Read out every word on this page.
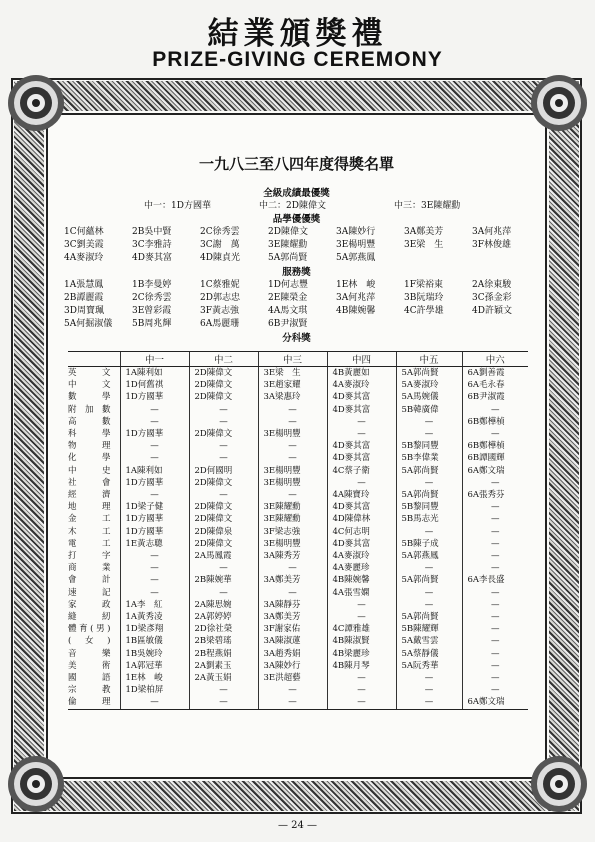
結業頒獎禮
PRIZE-GIVING CEREMONY
一九八三至八四年度得獎名單
全級成績最優獎
中一：1D方國華	中二：2D陳偉文	中三：3E陳耀勳
品學優優獎
1C何蘊林	2B吳中賢	2C徐秀雲	2D陳偉文	3A陳妙行	3A鄭美芳	3A何兆萍
3C劉美霞	3C李雅詩	3C謝　萬	3E陳耀勳	3E楊明豐	3E梁　生	3F林俊雄
4A麥淑玲	4D麥其富	4D陳貞光	5A郭尚賢	5A郭燕鳳
服務獎
1A張慧鳳	1B李曼婷	1C蔡雅妮	1D何志豐	1E林　峻	1F梁裕東	2A徐東駿
2B譚麗霞	2C徐秀雲	2D郭志忠	2E陳榮金	3A何兆萍	3B阮瑞玲	3C孫金彩
3D周寶珮	3E曾彩霞	3F黃志強	4A馬文琪	4B陳婉馨	4C許學雄	4D許穎文
5A何掘淑儀 5B周兆輝	6A馬麗珊	6B尹淑賢
分科獎
	中一	中二	中三	中四	中五	中六
英文	1A陳利如	2D陳偉文	3E梁　生	4B黃麗如	5A郭尚賢	6A劉善霞
中文	1D何舊祺	2D陳偉文	3E趙家耀	4A麥淑玲	5A麥淑玲	6A毛永春
數學	1D方國華	2D陳偉文	3A梁惠玲	4D麥其富	5A馬婉儀	6B尹淑霞
附加數	—	—	—	4D麥其富	5B韓廣偉	—
高數	—	—	—	—	—	6B鄭樺楨
科學	1D方國華	2D陳偉文	3E楊明豐	—	—	—
物理	—	—	—	4D麥其富	5B黎同豐	6B鄭樺楨
化學	—	—	—	4D麥其富	5B李偉業	6B譚國輝
中史	1A陳利如	2D何國明	3E楊明豐	4C蔡子衛	5A郭尚賢	6A鄭文瑞
社會	1D方國華	2D陳偉文	3E楊明豐	—	—	—
經濟	—	—	—	4A陳寶玲	5A郭尚賢	6A張秀芬
地理	1D梁子健	2D陳偉文	3E陳耀勳	4D麥其富	5B黎同豐	—
金工	1D方國華	2D陳偉文	3E陳耀勳	4D陳偉林	5B馬志光	—
木工	1D方國華	2D陳偉泉	3F梁志強	4C何志明	—	—
電工	1E黃志聰	2D陳偉文	3E楊明豐	4D麥其富	5B陳子成	—
打字	—	2A馬鳳霞	3A陳秀芳	4A麥淑玲	5A郭燕鳳	—
商業	—	—	—	4A麥麗珍	—	—
會計	—	2B陳婉華	3A鄭美芳	4B陳婉馨	5A郭尚賢	6A李長盛
速記	—	—	—	4A張雪嫻	—	—
家政	1A李　紅	2A陳思婉	3A陳靜芬	—	—	—
縫紉	1A黃秀凌	2A郭婷婷	3A鄭美芳	—	5A郭尚賢	—
體育(男)	1D梁彥翔	2D徐社榮	3F謝家佑	4C譚雅雄	5B陳耀輝	—
(女)	1B區敏儀	2B梁碧瑤	3A陳淑蓮	4B陳淑賢	5A戴雪雲	—
音樂	1B吳婉玲	2B程燕娟	3A趙秀娟	4B梁麗珍	5A蔡靜儀	—
美術	1A郭冠華	2A劉素玉	3A陳妙行	4B陳月琴	5A阮秀華	—
國語	1E林　峻	2A黃玉娟	3E洪超藝	—	—	—
宗教	1D梁柏屏	—	—	—	—	—
倫理	—	—	—	—	—	6A鄭文瑞
— 24 —
